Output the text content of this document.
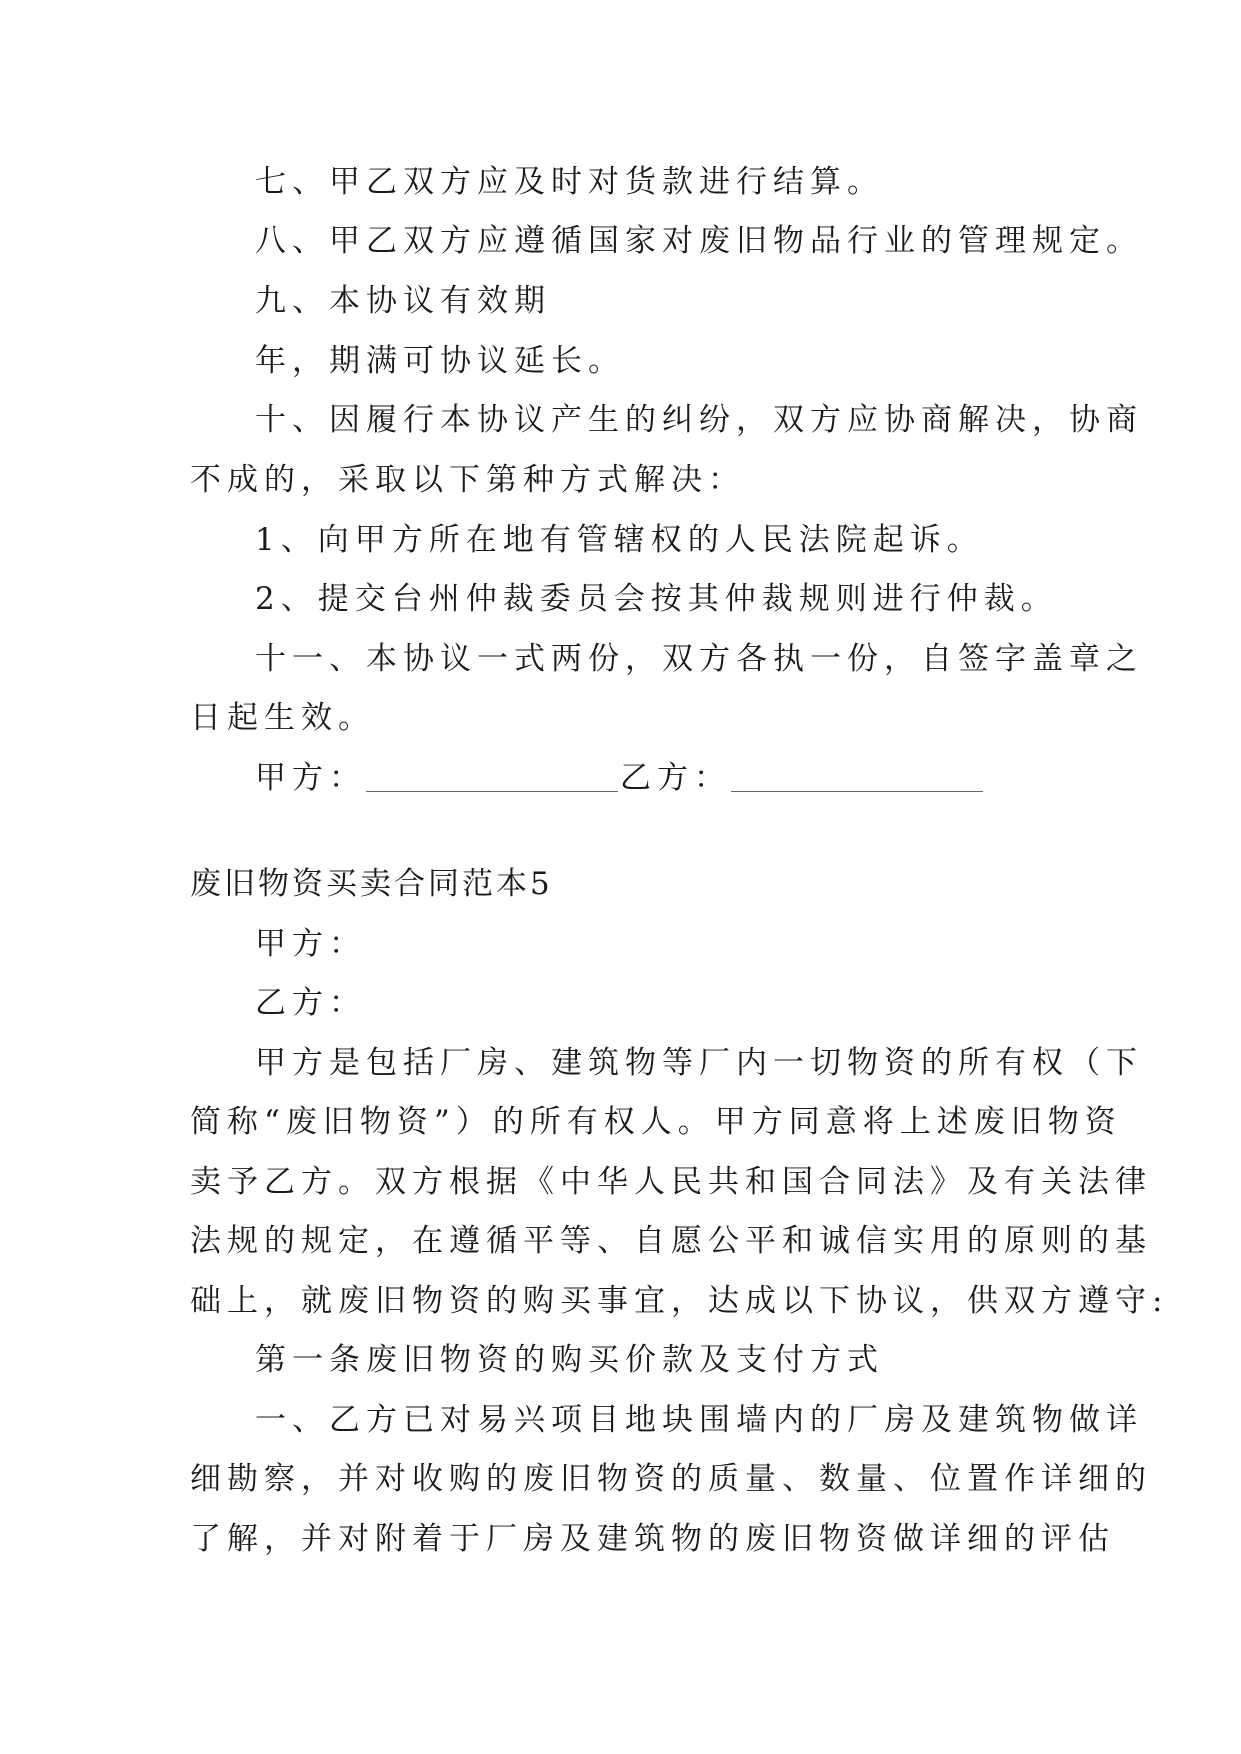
七、甲乙双方应及时对货款进行结算。
八、甲乙双方应遵循国家对废旧物品行业的管理规定。
九、本协议有效期
年，期满可协议延长。
十、因履行本协议产生的纠纷，双方应协商解决，协商
不成的，采取以下第种方式解决：
1、向甲方所在地有管辖权的人民法院起诉。
2、提交台州仲裁委员会按其仲裁规则进行仲裁。
十一、本协议一式两份，双方各执一份，自签字盖章之
日起生效。
甲方：	乙方：
废旧物资买卖合同范本5
甲方：
乙方：
甲方是包括厂房、建筑物等厂内一切物资的所有权（下
简称“废旧物资”）的所有权人。甲方同意将上述废旧物资
卖予乙方。双方根据《中华人民共和国合同法》及有关法律
法规的规定，在遵循平等、自愿公平和诚信实用的原则的基
础上，就废旧物资的购买事宜，达成以下协议，供双方遵守:
第一条废旧物资的购买价款及支付方式
一、乙方已对易兴项目地块围墙内的厂房及建筑物做详
细勘察，并对收购的废旧物资的质量、数量、位置作详细的
了解，并对附着于厂房及建筑物的废旧物资做详细的评估
